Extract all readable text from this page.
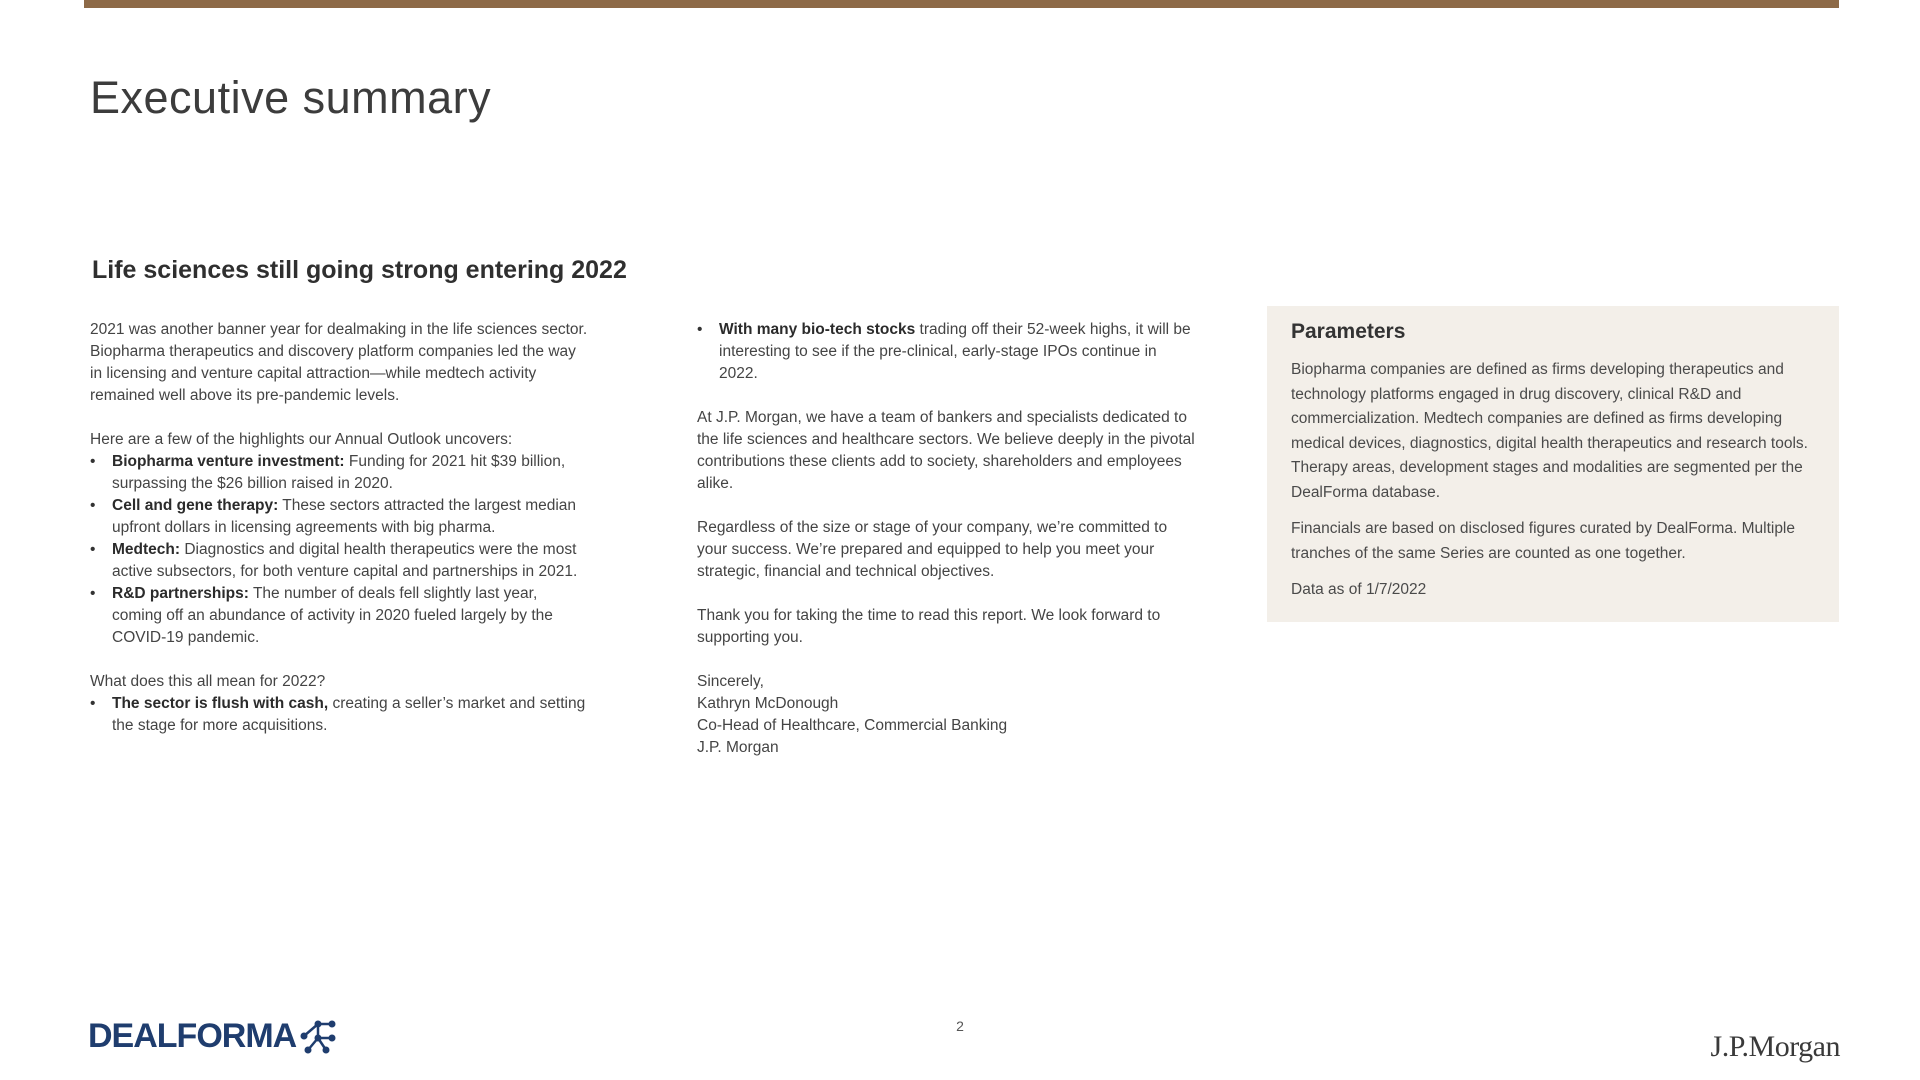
Executive summary
Life sciences still going strong entering 2022

2021 was another banner year for dealmaking in the life sciences sector. Biopharma therapeutics and discovery platform companies led the way in licensing and venture capital attraction—while medtech activity remained well above its pre-pandemic levels.

Here are a few of the highlights our Annual Outlook uncovers:

• Biopharma venture investment: Funding for 2021 hit $39 billion, surpassing the $26 billion raised in 2020.
• Cell and gene therapy: These sectors attracted the largest median upfront dollars in licensing agreements with big pharma.
• Medtech: Diagnostics and digital health therapeutics were the most active subsectors, for both venture capital and partnerships in 2021.
• R&D partnerships: The number of deals fell slightly last year, coming off an abundance of activity in 2020 fueled largely by the COVID-19 pandemic.

What does this all mean for 2022?

• The sector is flush with cash, creating a seller’s market and setting the stage for more acquisitions.
• With many bio-tech stocks trading off their 52-week highs, it will be interesting to see if the pre-clinical, early-stage IPOs continue in 2022.

At J.P. Morgan, we have a team of bankers and specialists dedicated to the life sciences and healthcare sectors. We believe deeply in the pivotal contributions these clients add to society, shareholders and employees alike.

Regardless of the size or stage of your company, we’re committed to your success. We’re prepared and equipped to help you meet your strategic, financial and technical objectives.

Thank you for taking the time to read this report. We look forward to supporting you.

Sincerely,

Kathryn McDonough

Co-Head of Healthcare, Commercial Banking

J.P. Morgan

Parameters

Biopharma companies are defined as firms developing therapeutics and technology platforms engaged in drug discovery, clinical R&D and commercialization. Medtech companies are defined as firms developing medical devices, diagnostics, digital health therapeutics and research tools. Therapy areas, development stages and modalities are segmented per the DealForma database.

Financials are based on disclosed figures curated by DealForma. Multiple tranches of the same Series are counted as one together.

Data as of 1/7/2022

2
DEALFORMA	J.P.Morgan
